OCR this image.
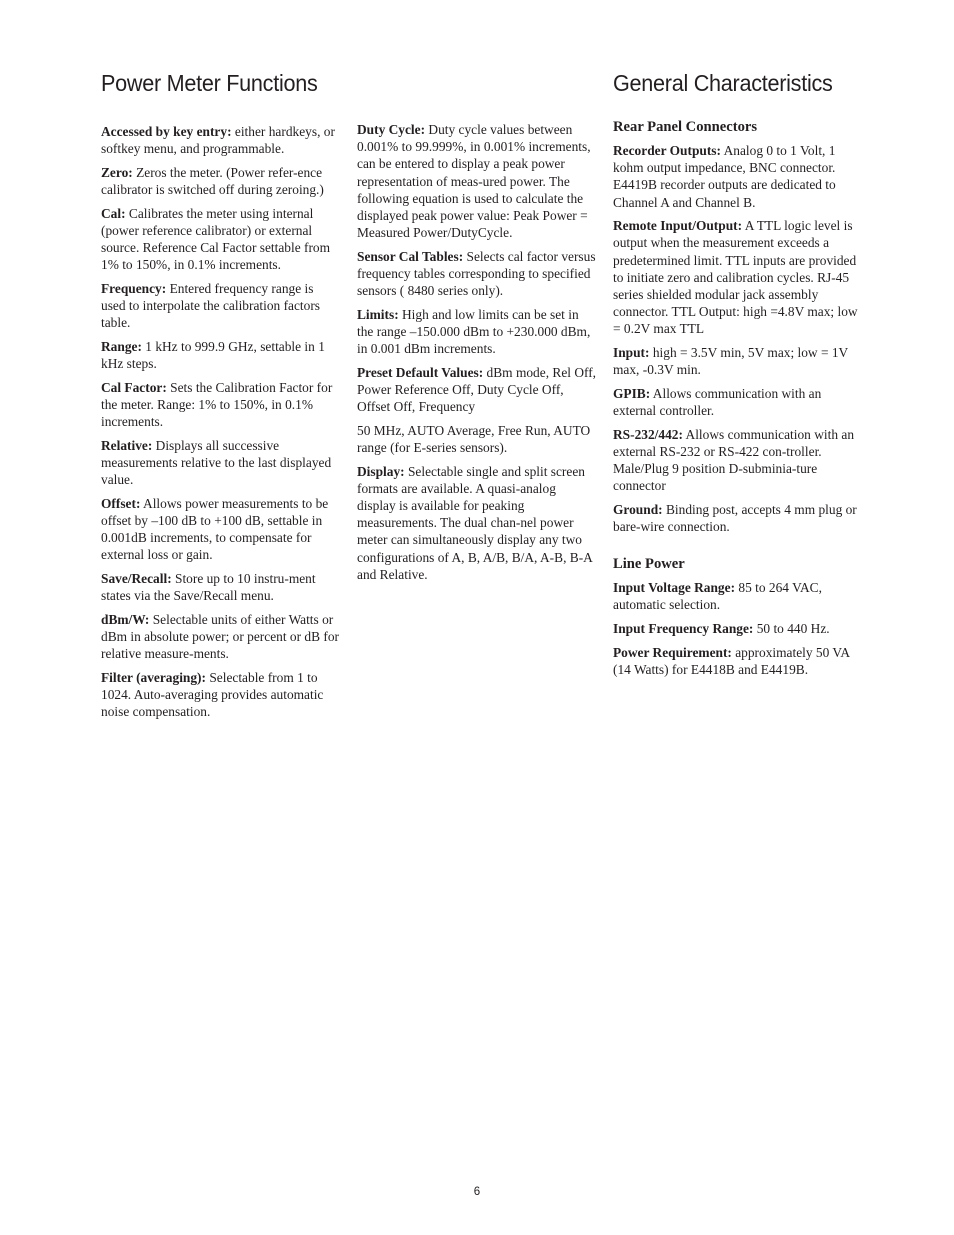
Power Meter Functions	General Characteristics

Accessed by key entry: either hardkeys, or softkey menu, and programmable.

Zero: Zeros the meter. (Power refer-ence calibrator is switched off during zeroing.)

Cal: Calibrates the meter using internal (power reference calibrator) or external source. Reference Cal Factor settable from 1% to 150%, in 0.1% increments.

Frequency: Entered frequency range is used to interpolate the calibration factors table.

Range: 1 kHz to 999.9 GHz, settable in 1 kHz steps.

Cal Factor: Sets the Calibration Factor for the meter. Range: 1% to 150%, in 0.1% increments.

Relative: Displays all successive measurements relative to the last displayed value.

Offset: Allows power measurements to be offset by –100 dB to +100 dB, settable in 0.001dB increments, to compensate for external loss or gain.

Save/Recall: Store up to 10 instru-ment states via the Save/Recall menu.

dBm/W: Selectable units of either Watts or dBm in absolute power; or percent or dB for relative measure-ments.

Filter (averaging): Selectable from 1 to 1024. Auto-averaging provides automatic noise compensation.

Duty Cycle: Duty cycle values between 0.001% to 99.999%, in 0.001% increments, can be entered to display a peak power representation of meas-ured power. The following equation is used to calculate the displayed peak power value: Peak Power = Measured Power/DutyCycle.

Sensor Cal Tables: Selects cal factor versus frequency tables corresponding to specified sensors ( 8480 series only).

Limits: High and low limits can be set in the range –150.000 dBm to +230.000 dBm, in 0.001 dBm increments.

Preset Default Values: dBm mode, Rel Off, Power Reference Off, Duty Cycle Off, Offset Off, Frequency

50 MHz, AUTO Average, Free Run, AUTO range (for E-series sensors).

Display: Selectable single and split screen formats are available. A quasi-analog display is available for peaking measurements. The dual chan-nel power meter can simultaneously display any two configurations of A, B, A/B, B/A, A-B, B-A and Relative.

Rear Panel Connectors

Recorder Outputs: Analog 0 to 1 Volt, 1 kohm output impedance, BNC connector. E4419B recorder outputs are dedicated to Channel A and Channel B.

Remote Input/Output: A TTL logic level is output when the measurement exceeds a predetermined limit. TTL inputs are provided to initiate zero and calibration cycles. RJ-45 series shielded modular jack assembly connector. TTL Output: high =4.8V max; low = 0.2V max TTL

Input: high = 3.5V min, 5V max; low = 1V max, -0.3V min.

GPIB: Allows communication with an external controller.

RS-232/442: Allows communication with an external RS-232 or RS-422 con-troller. Male/Plug 9 position D-subminia-ture connector

Ground: Binding post, accepts 4 mm plug or bare-wire connection.

Line Power

Input Voltage Range: 85 to 264 VAC, automatic selection.

Input Frequency Range: 50 to 440 Hz.

Power Requirement: approximately 50 VA (14 Watts) for E4418B and E4419B.

6
